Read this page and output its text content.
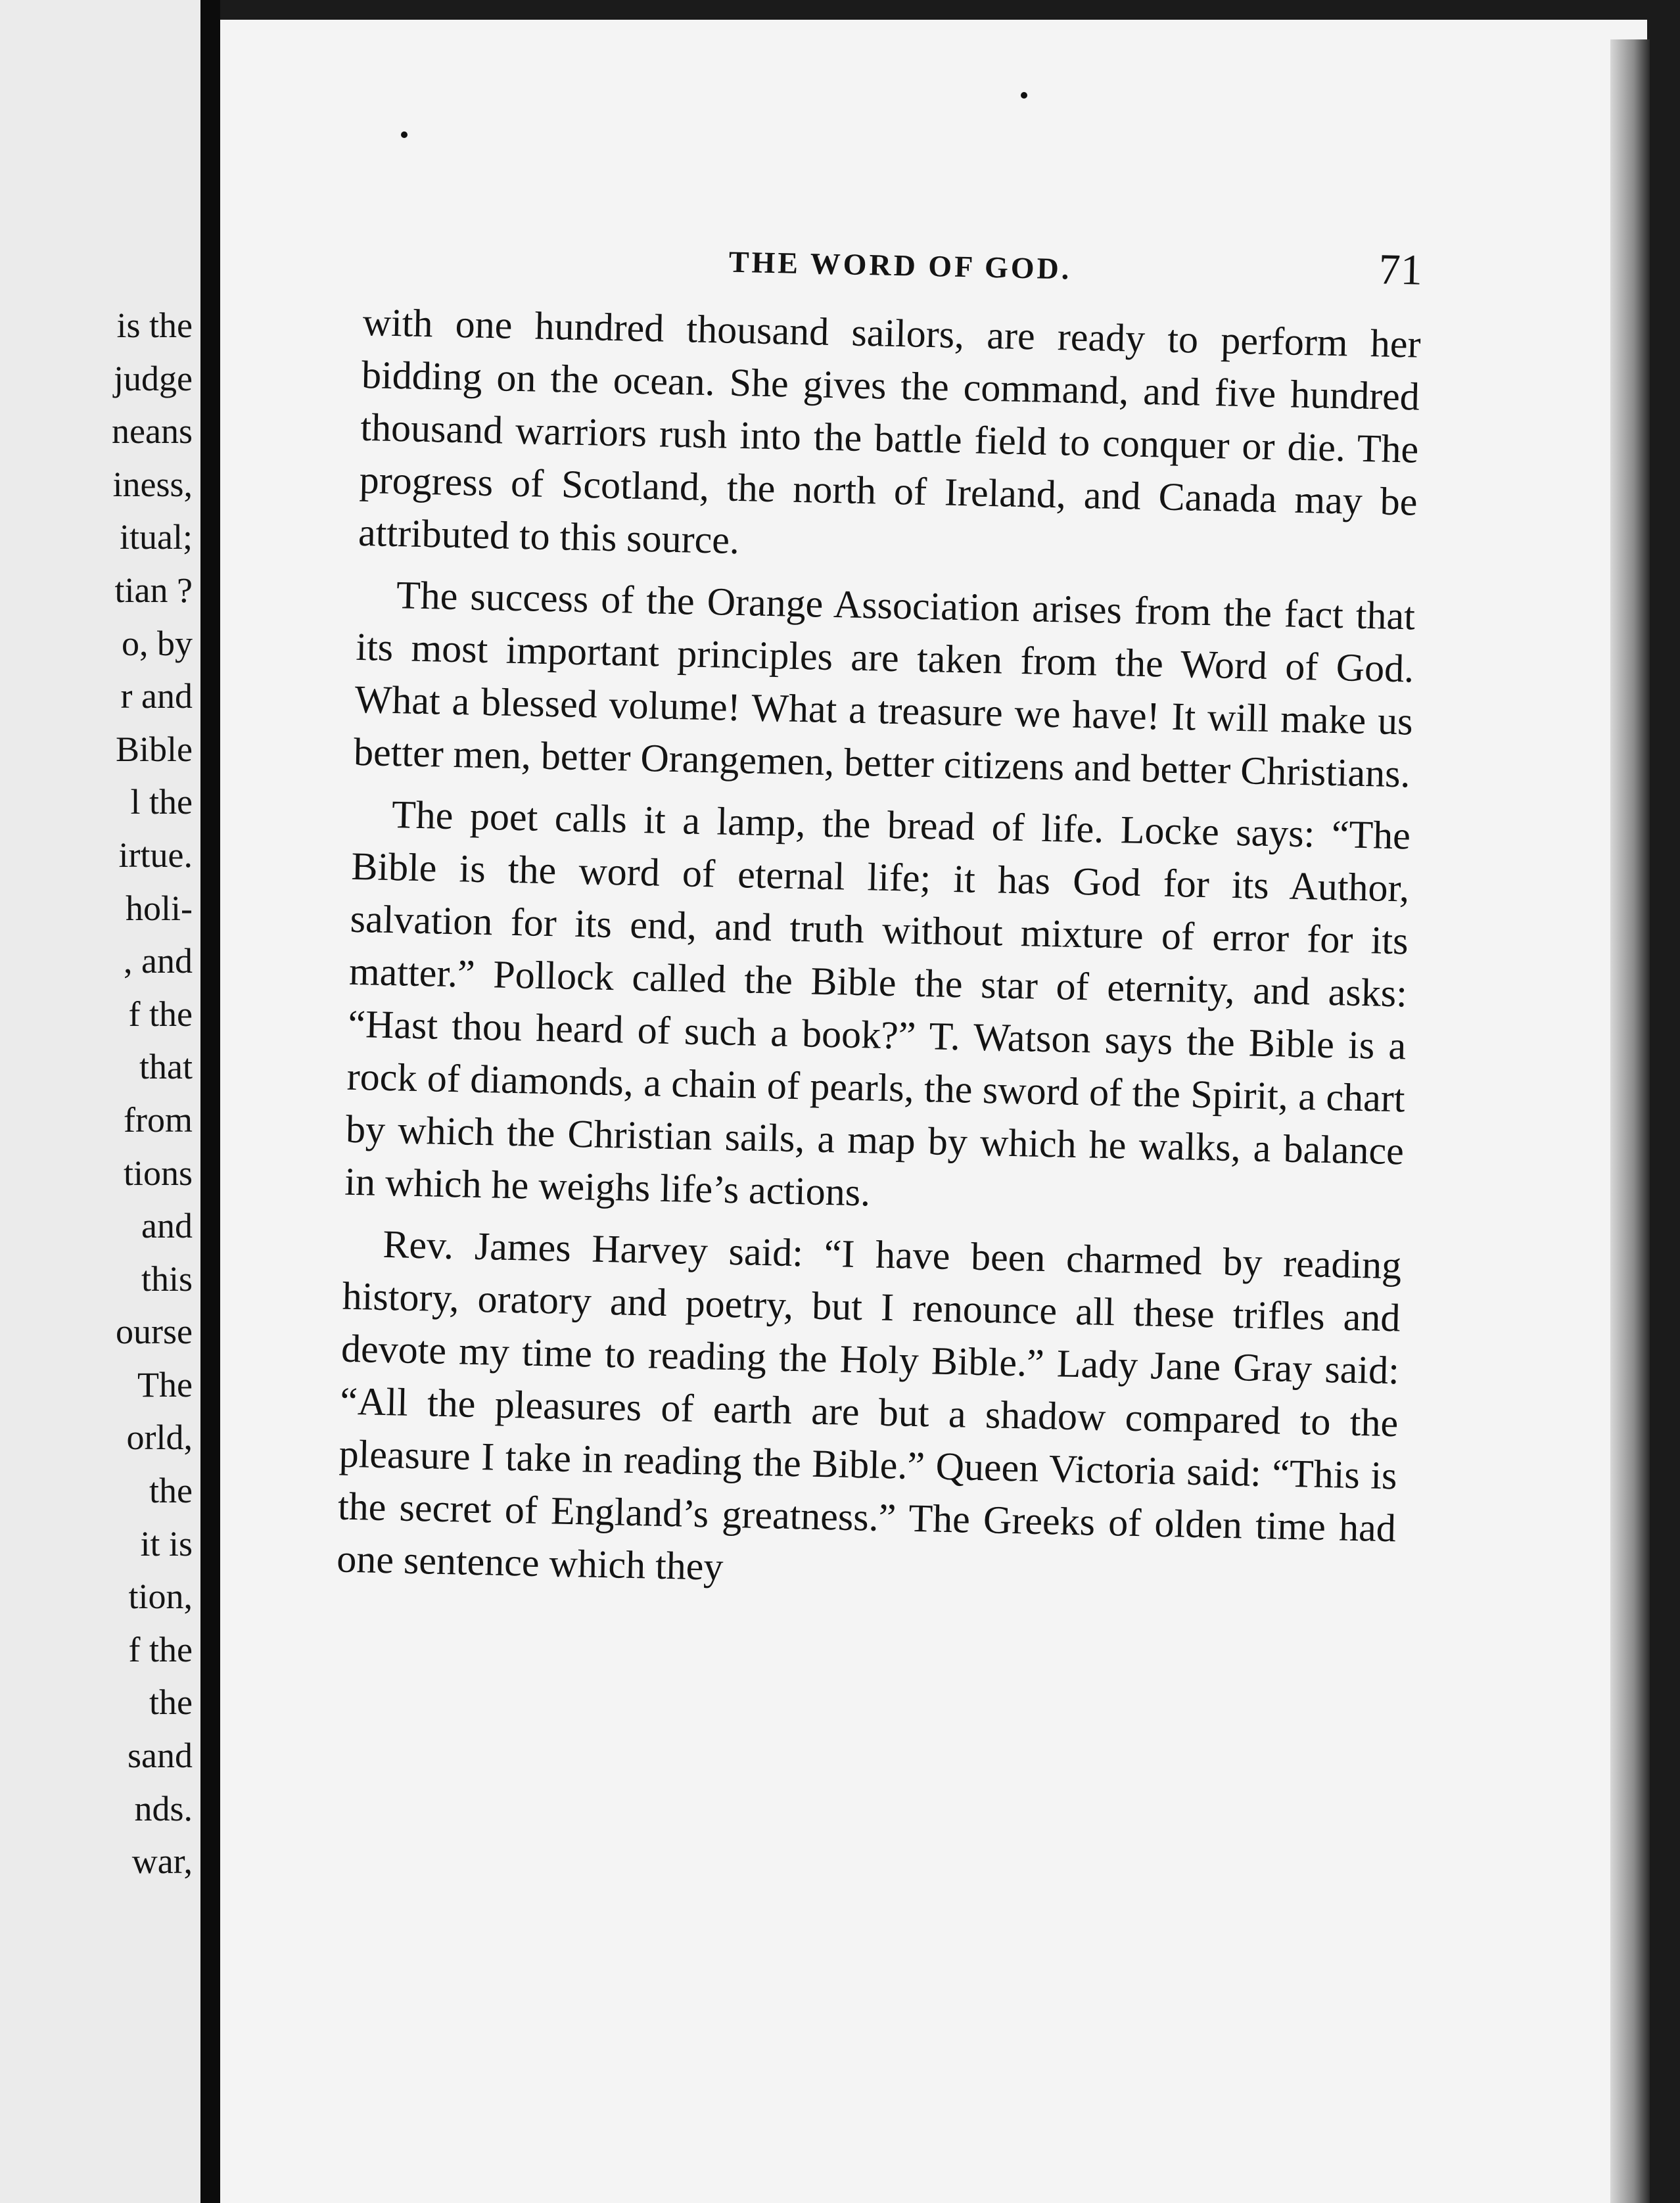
is the
judge
neans
iness,
itual;
tian ?
o, by
r and
Bible
l the
irtue.
holi-
, and
f the
that
from
tions
and
this
ourse
The
orld,
the
it is
tion,
f the
the
sand
nds.
war,
THE WORD OF GOD.	71

with one hundred thousand sailors, are ready to perform her bidding on the ocean. She gives the command, and five hundred thousand warriors rush into the battle field to conquer or die. The progress of Scotland, the north of Ireland, and Canada may be attributed to this source.

The success of the Orange Association arises from the fact that its most important principles are taken from the Word of God. What a blessed volume! What a treasure we have! It will make us better men, better Orangemen, better citizens and better Christians.

The poet calls it a lamp, the bread of life. Locke says: “The Bible is the word of eternal life; it has God for its Author, salvation for its end, and truth without mixture of error for its matter.” Pollock called the Bible the star of eternity, and asks: “Hast thou heard of such a book?” T. Watson says the Bible is a rock of diamonds, a chain of pearls, the sword of the Spirit, a chart by which the Christian sails, a map by which he walks, a balance in which he weighs life’s actions.

Rev. James Harvey said: “I have been charmed by reading history, oratory and poetry, but I renounce all these trifles and devote my time to reading the Holy Bible.” Lady Jane Gray said: “All the pleasures of earth are but a shadow compared to the pleasure I take in reading the Bible.” Queen Victoria said: “This is the secret of England’s greatness.” The Greeks of olden time had one sentence which they
